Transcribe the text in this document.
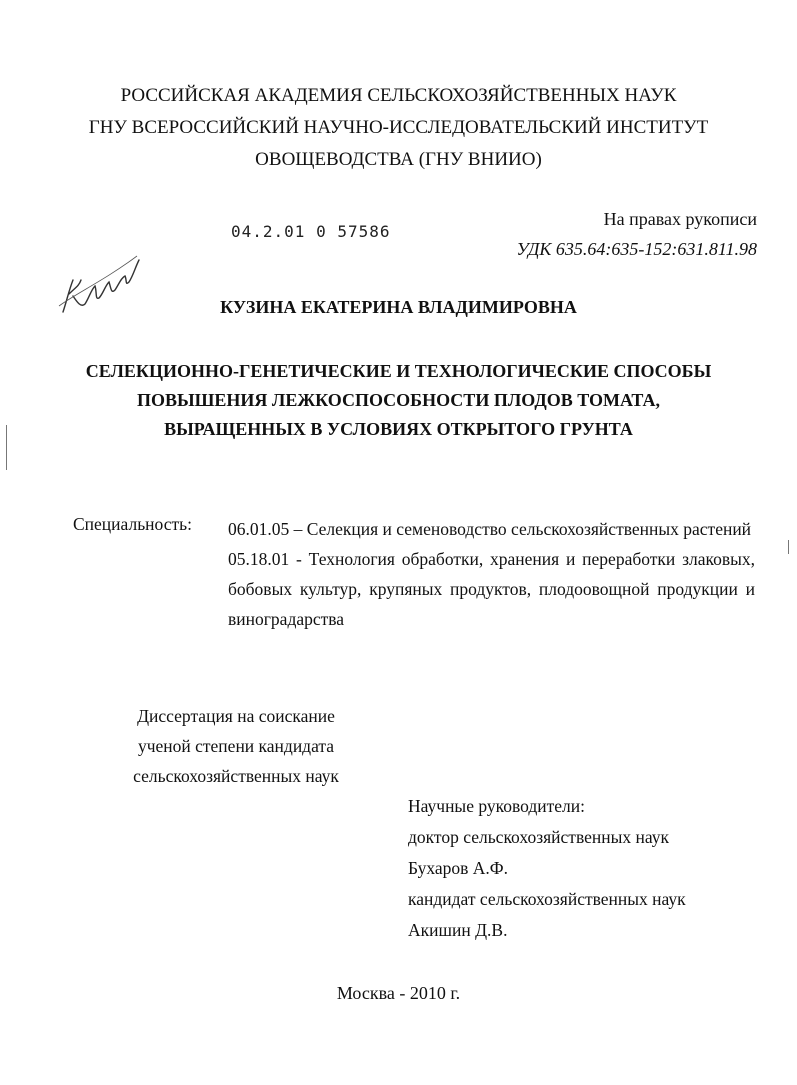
РОССИЙСКАЯ АКАДЕМИЯ СЕЛЬСКОХОЗЯЙСТВЕННЫХ НАУК
ГНУ ВСЕРОССИЙСКИЙ НАУЧНО-ИССЛЕДОВАТЕЛЬСКИЙ ИНСТИТУТ
ОВОЩЕВОДСТВА (ГНУ ВНИИО)
04.2.01 0 57586
На правах рукописи
УДК 635.64:635-152:631.811.98
КУЗИНА ЕКАТЕРИНА ВЛАДИМИРОВНА
СЕЛЕКЦИОННО-ГЕНЕТИЧЕСКИЕ И ТЕХНОЛОГИЧЕСКИЕ СПОСОБЫ
ПОВЫШЕНИЯ ЛЕЖКОСПОСОБНОСТИ ПЛОДОВ ТОМАТА,
ВЫРАЩЕННЫХ В УСЛОВИЯХ ОТКРЫТОГО ГРУНТА
Специальность: 06.01.05 – Селекция и семеноводство сельскохозяйственных растений

05.18.01 - Технология обработки, хранения и переработки злаковых, бобовых культур, крупяных продуктов, плодоовощной продукции и виноградарства

Диссертация на соискание
ученой степени кандидата
сельскохозяйственных наук
Научные руководители:
доктор сельскохозяйственных наук
Бухаров А.Ф.
кандидат сельскохозяйственных наук
Акишин Д.В.
Москва - 2010 г.
